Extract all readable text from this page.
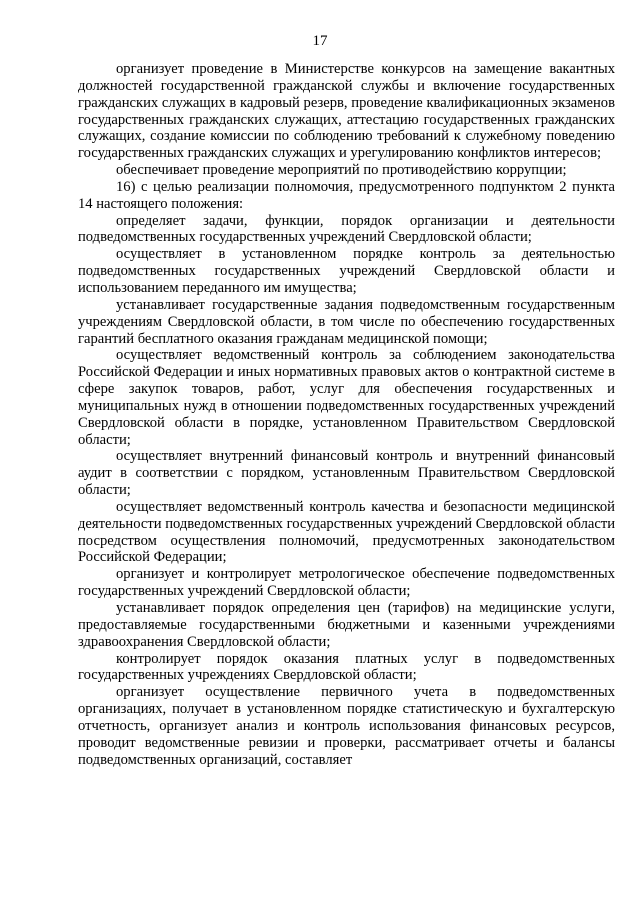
17

организует проведение в Министерстве конкурсов на замещение вакантных должностей государственной гражданской службы и включение государственных гражданских служащих в кадровый резерв, проведение квалификационных экзаменов государственных гражданских служащих, аттестацию государственных гражданских служащих, создание комиссии по соблюдению требований к служебному поведению государственных гражданских служащих и урегулированию конфликтов интересов;

обеспечивает проведение мероприятий по противодействию коррупции;

16) с целью реализации полномочия, предусмотренного подпунктом 2 пункта 14 настоящего положения:

определяет задачи, функции, порядок организации и деятельности подведомственных государственных учреждений Свердловской области;

осуществляет в установленном порядке контроль за деятельностью подведомственных государственных учреждений Свердловской области и использованием переданного им имущества;

устанавливает государственные задания подведомственным государственным учреждениям Свердловской области, в том числе по обеспечению государственных гарантий бесплатного оказания гражданам медицинской помощи;

осуществляет ведомственный контроль за соблюдением законодательства Российской Федерации и иных нормативных правовых актов о контрактной системе в сфере закупок товаров, работ, услуг для обеспечения государственных и муниципальных нужд в отношении подведомственных государственных учреждений Свердловской области в порядке, установленном Правительством Свердловской области;

осуществляет внутренний финансовый контроль и внутренний финансовый аудит в соответствии с порядком, установленным Правительством Свердловской области;

осуществляет ведомственный контроль качества и безопасности медицинской деятельности подведомственных государственных учреждений Свердловской области посредством осуществления полномочий, предусмотренных законодательством Российской Федерации;

организует и контролирует метрологическое обеспечение подведомственных государственных учреждений Свердловской области;

устанавливает порядок определения цен (тарифов) на медицинские услуги, предоставляемые государственными бюджетными и казенными учреждениями здравоохранения Свердловской области;

контролирует порядок оказания платных услуг в подведомственных государственных учреждениях Свердловской области;

организует осуществление первичного учета в подведомственных организациях, получает в установленном порядке статистическую и бухгалтерскую отчетность, организует анализ и контроль использования финансовых ресурсов, проводит ведомственные ревизии и проверки, рассматривает отчеты и балансы подведомственных организаций, составляет
